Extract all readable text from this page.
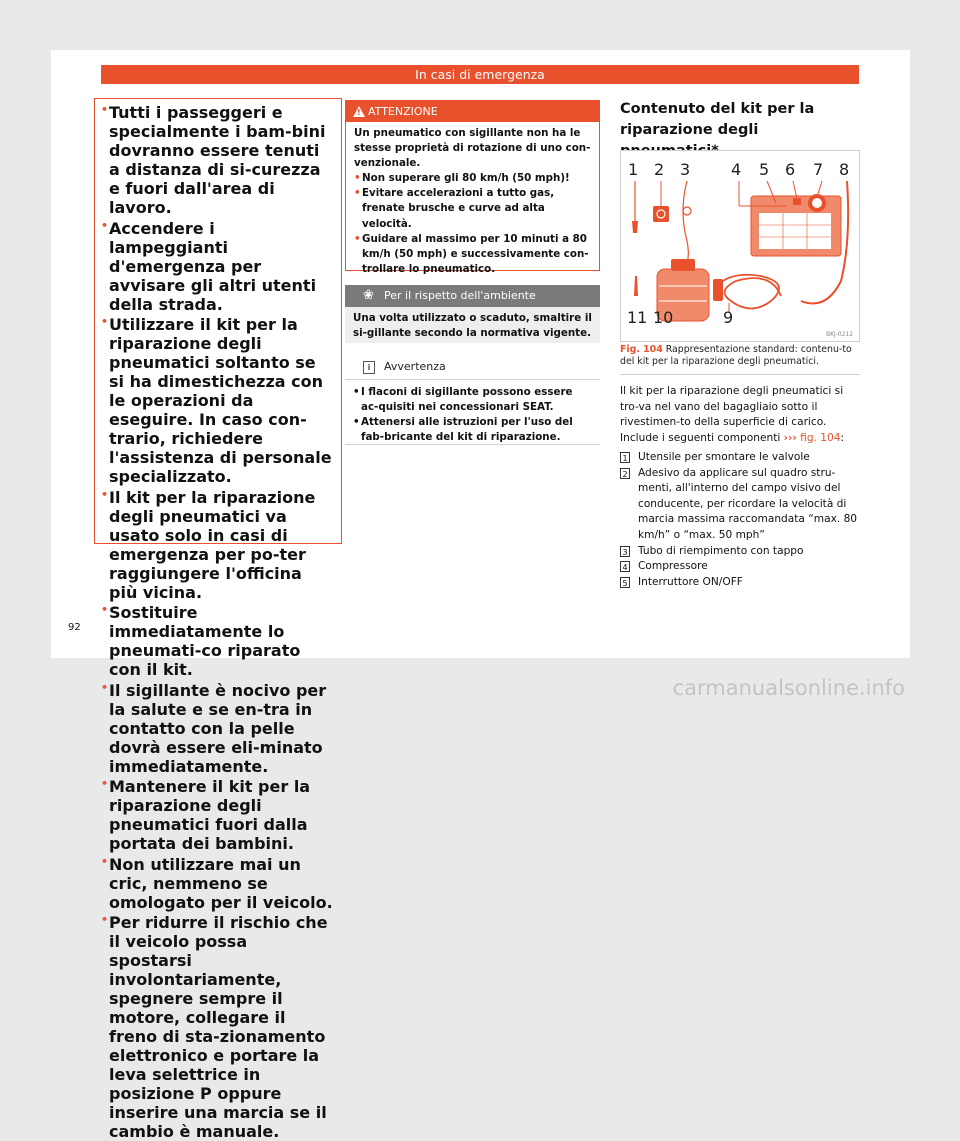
In casi di emergenza
• Tutti i passeggeri e specialmente i bam-bini dovranno essere tenuti a distanza di si-curezza e fuori dall'area di lavoro.
• Accendere i lampeggianti d'emergenza per avvisare gli altri utenti della strada.
• Utilizzare il kit per la riparazione degli pneumatici soltanto se si ha dimestichezza con le operazioni da eseguire. In caso con-trario, richiedere l'assistenza di personale specializzato.
• Il kit per la riparazione degli pneumatici va usato solo in casi di emergenza per po-ter raggiungere l'officina più vicina.
• Sostituire immediatamente lo pneumati-co riparato con il kit.
• Il sigillante è nocivo per la salute e se en-tra in contatto con la pelle dovrà essere eli-minato immediatamente.
• Mantenere il kit per la riparazione degli pneumatici fuori dalla portata dei bambini.
• Non utilizzare mai un cric, nemmeno se omologato per il veicolo.
• Per ridurre il rischio che il veicolo possa spostarsi involontariamente, spegnere sempre il motore, collegare il freno di sta-zionamento elettronico e portare la leva selettrice in posizione P oppure inserire una marcia se il cambio è manuale.
!
ATTENZIONE
Un pneumatico con sigillante non ha le stesse proprietà di rotazione di uno con-venzionale.
• Non superare gli 80 km/h (50 mph)!
• Evitare accelerazioni a tutto gas, frenate brusche e curve ad alta velocità.
• Guidare al massimo per 10 minuti a 80 km/h (50 mph) e successivamente con-trollare lo pneumatico.
❀ Per il rispetto dell'ambiente
Una volta utilizzato o scaduto, smaltire il si-gillante secondo la normativa vigente.
i	Avvertenza
• I flaconi di sigillante possono essere ac-quisiti nei concessionari SEAT.
• Attenersi alle istruzioni per l'uso del fab-bricante del kit di riparazione.
Contenuto del kit per la riparazione degli
1 2 3	4 5 6 7 8
9
10
11
BKJ-0212
Fig. 104 Rappresentazione standard: contenu-to del kit per la riparazione degli pneumatici.
Il kit per la riparazione degli pneumatici si tro-va nel vano del bagagliaio sotto il rivestimen-to della superficie di carico. Include i seguenti componenti ››› fig. 104:
1 Utensile per smontare le valvole
2 Adesivo da applicare sul quadro stru-menti, all'interno del campo visivo del conducente, per ricordare la velocità di marcia massima raccomandata “max. 80 km/h” o “max. 50 mph”
3 Tubo di riempimento con tappo
4 Compressore
5 Interruttore ON/OFF
92
carmanualsonline.info
